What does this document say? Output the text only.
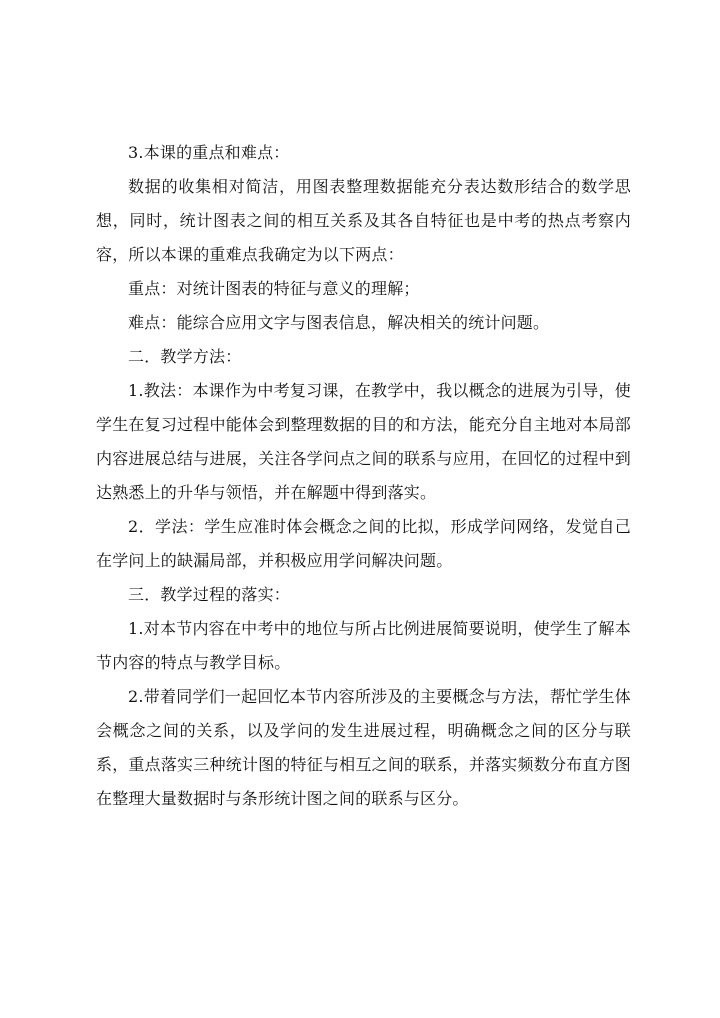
3.本课的重点和难点：

数据的收集相对简洁，用图表整理数据能充分表达数形结合的数学思想，同时，统计图表之间的相互关系及其各自特征也是中考的热点考察内容，所以本课的重难点我确定为以下两点：

重点：对统计图表的特征与意义的理解；

难点：能综合应用文字与图表信息，解决相关的统计问题。

二．教学方法：

1.教法：本课作为中考复习课，在教学中，我以概念的进展为引导，使学生在复习过程中能体会到整理数据的目的和方法，能充分自主地对本局部内容进展总结与进展，关注各学问点之间的联系与应用，在回忆的过程中到达熟悉上的升华与领悟，并在解题中得到落实。

2．学法：学生应准时体会概念之间的比拟，形成学问网络，发觉自己在学问上的缺漏局部，并积极应用学问解决问题。

三．教学过程的落实：

1.对本节内容在中考中的地位与所占比例进展简要说明，使学生了解本节内容的特点与教学目标。

2.带着同学们一起回忆本节内容所涉及的主要概念与方法，帮忙学生体会概念之间的关系，以及学问的发生进展过程，明确概念之间的区分与联系，重点落实三种统计图的特征与相互之间的联系，并落实频数分布直方图在整理大量数据时与条形统计图之间的联系与区分。
